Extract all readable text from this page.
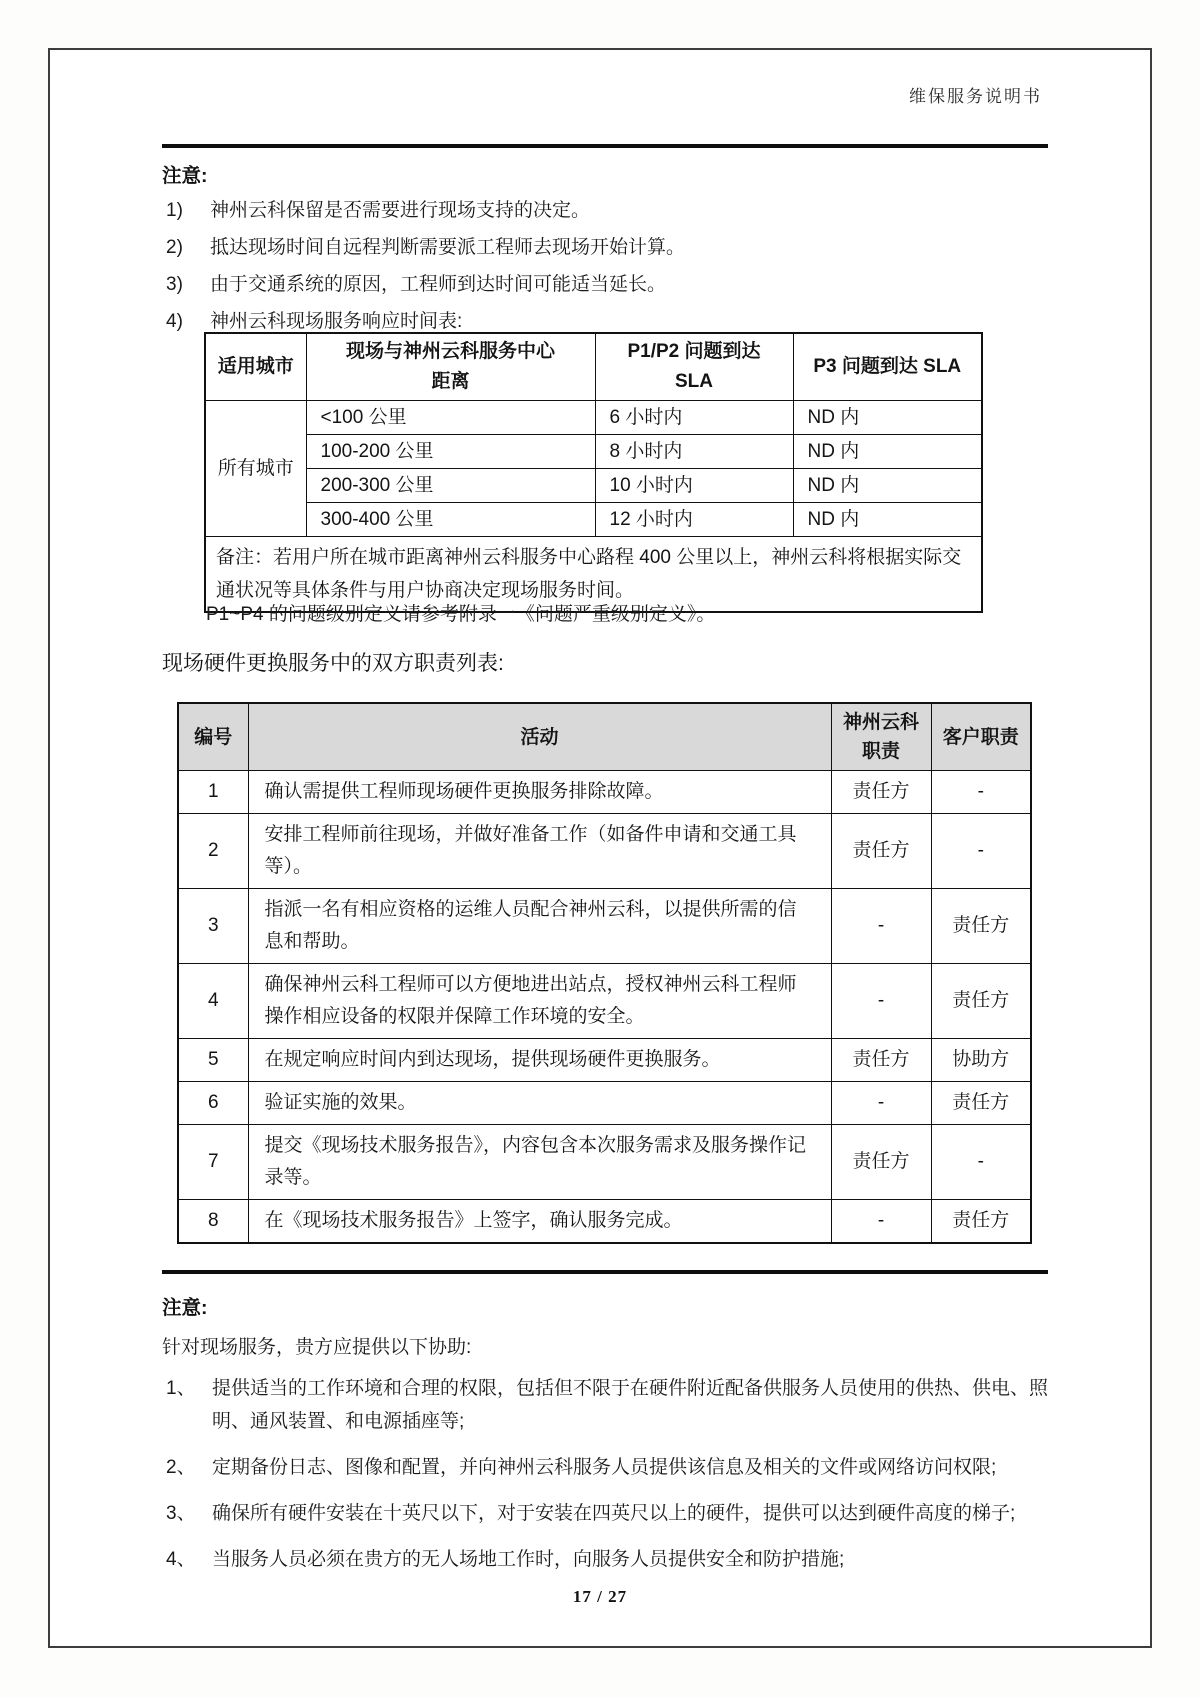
维保服务说明书
注意:
1)	神州云科保留是否需要进行现场支持的决定。
2)	抵达现场时间自远程判断需要派工程师去现场开始计算。
3)	由于交通系统的原因，工程师到达时间可能适当延长。
4)	神州云科现场服务响应时间表:
适用城市	现场与神州云科服务中心距离	P1/P2 问题到达 SLA	P3 问题到达 SLA
所有城市	<100 公里	6 小时内	ND 内
	100-200 公里	8 小时内	ND 内
	200-300 公里	10 小时内	ND 内
	300-400 公里	12 小时内	ND 内
备注：若用户所在城市距离神州云科服务中心路程 400 公里以上，神州云科将根据实际交通状况等具体条件与用户协商决定现场服务时间。			
P1~P4 的问题级别定义请参考附录一《问题严重级别定义》。
现场硬件更换服务中的双方职责列表:
编号	活动	神州云科职责	客户职责
1	确认需提供工程师现场硬件更换服务排除故障。	责任方	-
2	安排工程师前往现场，并做好准备工作（如备件申请和交通工具等）。	责任方	-
3	指派一名有相应资格的运维人员配合神州云科，以提供所需的信息和帮助。	-	责任方
4	确保神州云科工程师可以方便地进出站点，授权神州云科工程师操作相应设备的权限并保障工作环境的安全。	-	责任方
5	在规定响应时间内到达现场，提供现场硬件更换服务。	责任方	协助方
6	验证实施的效果。	-	责任方
7	提交《现场技术服务报告》，内容包含本次服务需求及服务操作记录等。	责任方	-
8	在《现场技术服务报告》上签字，确认服务完成。	-	责任方
注意:
针对现场服务，贵方应提供以下协助:
1、 提供适当的工作环境和合理的权限，包括但不限于在硬件附近配备供服务人员使用的供热、供电、照明、通风装置、和电源插座等;
2、 定期备份日志、图像和配置，并向神州云科服务人员提供该信息及相关的文件或网络访问权限;
3、 确保所有硬件安装在十英尺以下，对于安装在四英尺以上的硬件，提供可以达到硬件高度的梯子;
4、 当服务人员必须在贵方的无人场地工作时，向服务人员提供安全和防护措施;
17 / 27
